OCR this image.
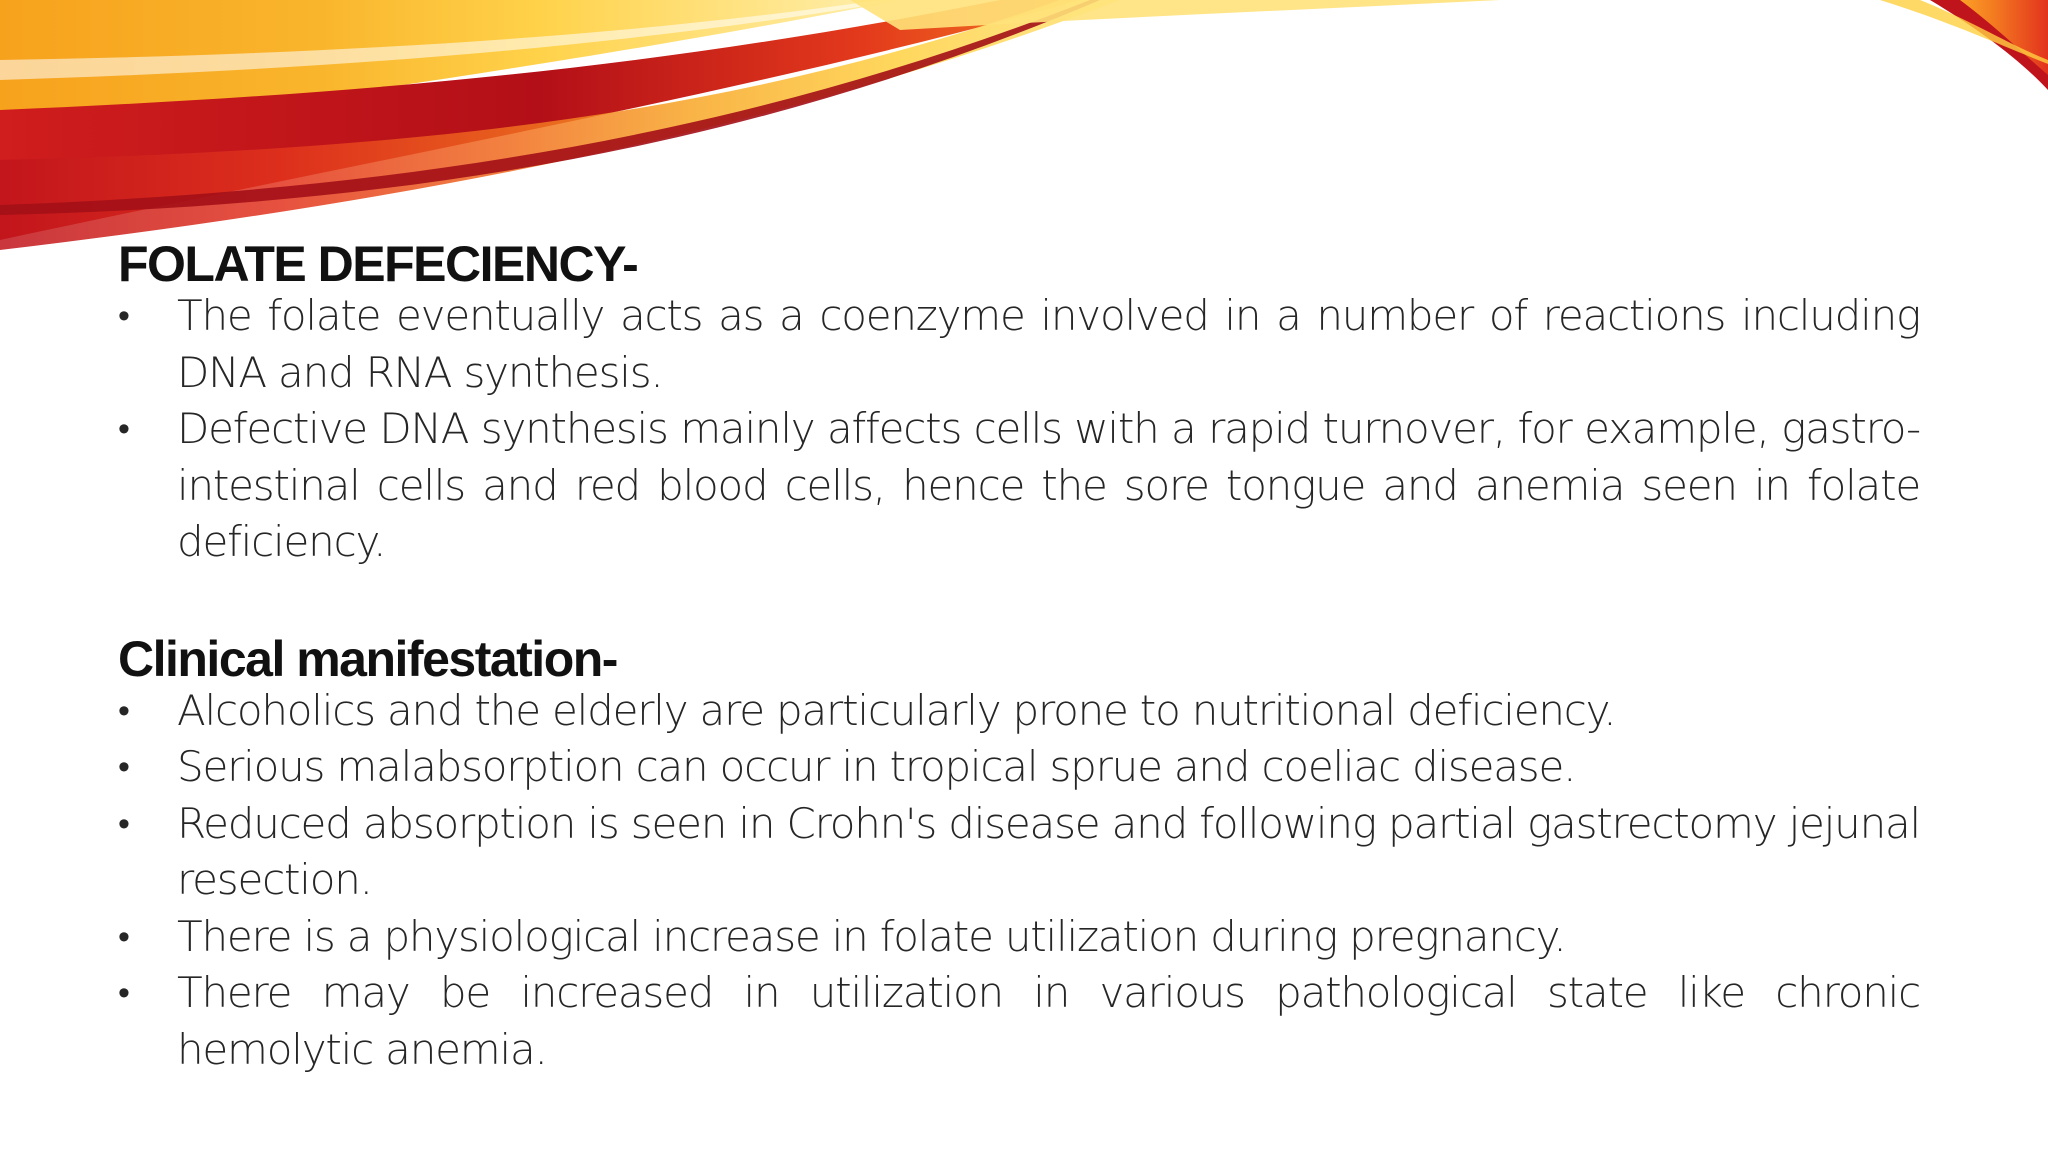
FOLATE DEFECIENCY-
•	The folate eventually acts as a coenzyme involved in a number of reactions including DNA and RNA synthesis.
•	Defective DNA synthesis mainly affects cells with a rapid turnover, for example, gastro-intestinal cells and red blood cells, hence the sore tongue and anemia seen in folate deficiency.
Clinical manifestation-
•	Alcoholics and the elderly are particularly prone to nutritional deficiency.
•	Serious malabsorption can occur in tropical sprue and coeliac disease.
•	Reduced absorption is seen in Crohn's disease and following partial gastrectomy jejunal resection.
•	There is a physiological increase in folate utilization during pregnancy.
•	There may be increased in utilization in various pathological state like chronic hemolytic anemia.
